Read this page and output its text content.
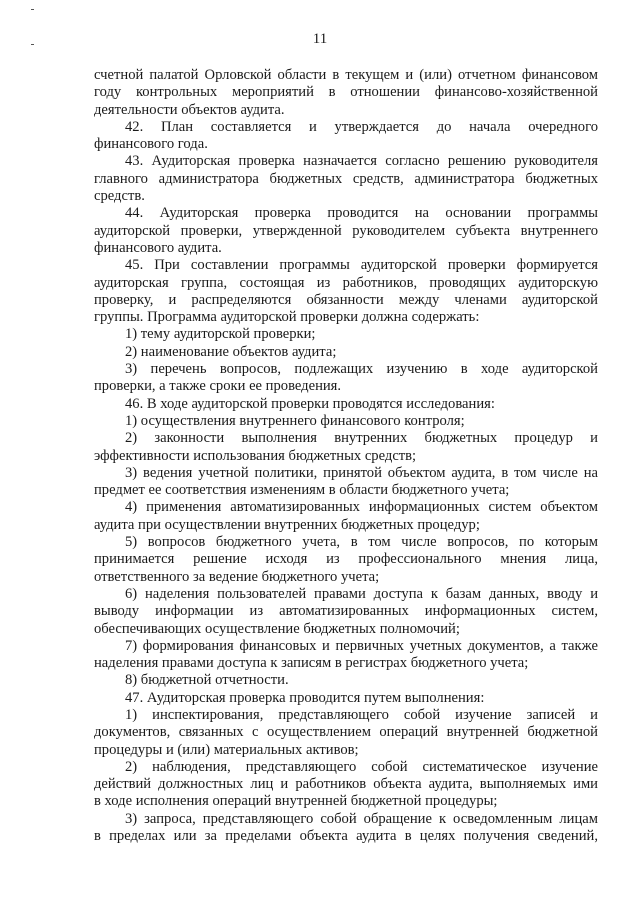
11
счетной палатой Орловской области в текущем и (или) отчетном финансовом
году контрольных мероприятий в отношении финансово-хозяйственной
деятельности объектов аудита.
42. План составляется и утверждается до начала очередного
финансового года.
43. Аудиторская проверка назначается согласно решению руководителя
главного администратора бюджетных средств, администратора бюджетных
средств.
44. Аудиторская проверка проводится на основании программы
аудиторской проверки, утвержденной руководителем субъекта внутреннего
финансового аудита.
45. При составлении программы аудиторской проверки формируется
аудиторская группа, состоящая из работников, проводящих аудиторскую
проверку, и распределяются обязанности между членами аудиторской
группы. Программа аудиторской проверки должна содержать:
1) тему аудиторской проверки;
2) наименование объектов аудита;
3) перечень вопросов, подлежащих изучению в ходе аудиторской
проверки, а также сроки ее проведения.
46. В ходе аудиторской проверки проводятся исследования:
1) осуществления внутреннего финансового контроля;
2) законности выполнения внутренних бюджетных процедур и
эффективности использования бюджетных средств;
3) ведения учетной политики, принятой объектом аудита, в том числе на
предмет ее соответствия изменениям в области бюджетного учета;
4) применения автоматизированных информационных систем объектом
аудита при осуществлении внутренних бюджетных процедур;
5) вопросов бюджетного учета, в том числе вопросов, по которым
принимается решение исходя из профессионального мнения лица,
ответственного за ведение бюджетного учета;
6) наделения пользователей правами доступа к базам данных, вводу и
выводу информации из автоматизированных информационных систем,
обеспечивающих осуществление бюджетных полномочий;
7) формирования финансовых и первичных учетных документов, а также
наделения правами доступа к записям в регистрах бюджетного учета;
8) бюджетной отчетности.
47. Аудиторская проверка проводится путем выполнения:
1) инспектирования, представляющего собой изучение записей и
документов, связанных с осуществлением операций внутренней бюджетной
процедуры и (или) материальных активов;
2) наблюдения, представляющего собой систематическое изучение
действий должностных лиц и работников объекта аудита, выполняемых ими
в ходе исполнения операций внутренней бюджетной процедуры;
3) запроса, представляющего собой обращение к осведомленным лицам
в пределах или за пределами объекта аудита в целях получения сведений,
